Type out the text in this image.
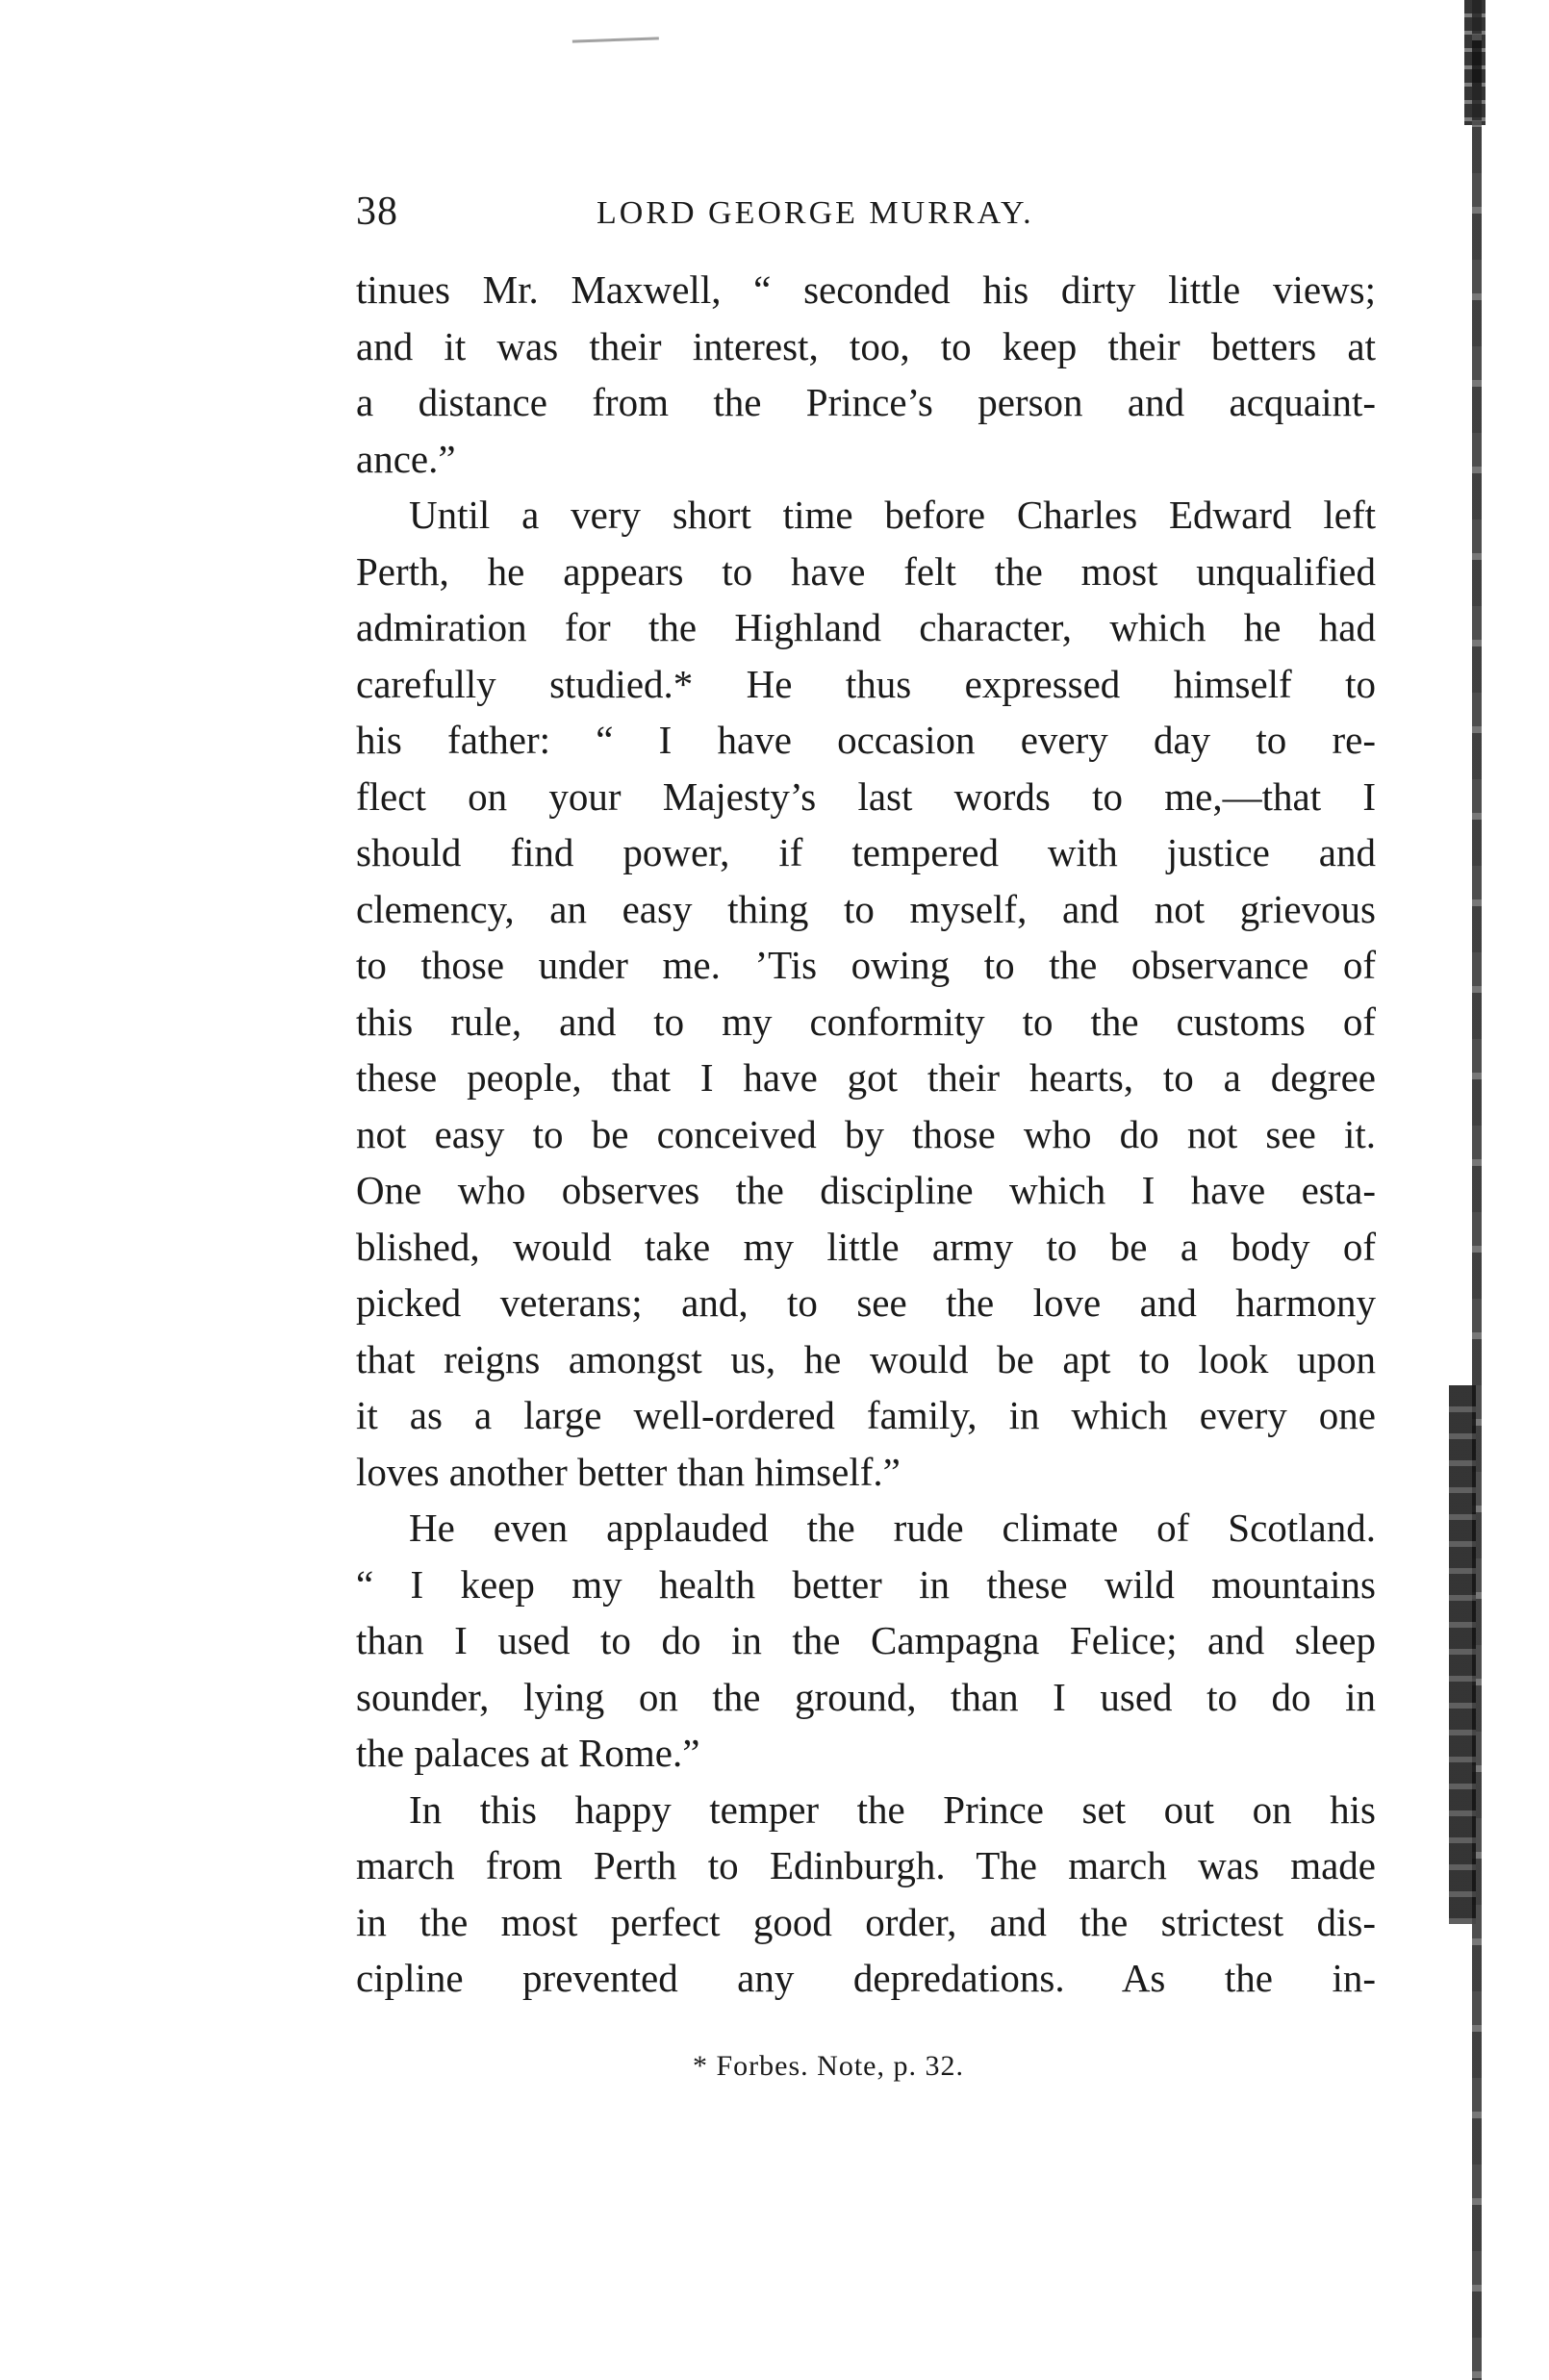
38	LORD GEORGE MURRAY.
tinues Mr. Maxwell, “ seconded his dirty little views;
and it was their interest, too, to keep their betters at
a distance from the Prince’s person and acquaint-
ance.”
Until a very short time before Charles Edward left
Perth, he appears to have felt the most unqualified
admiration for the Highland character, which he had
carefully studied.* He thus expressed himself to
his father: “ I have occasion every day to re-
flect on your Majesty’s last words to me,—that I
should find power, if tempered with justice and
clemency, an easy thing to myself, and not grievous
to those under me. ’Tis owing to the observance of
this rule, and to my conformity to the customs of
these people, that I have got their hearts, to a degree
not easy to be conceived by those who do not see it.
One who observes the discipline which I have esta-
blished, would take my little army to be a body of
picked veterans; and, to see the love and harmony
that reigns amongst us, he would be apt to look upon
it as a large well-ordered family, in which every one
loves another better than himself.”
He even applauded the rude climate of Scotland.
“ I keep my health better in these wild mountains
than I used to do in the Campagna Felice; and sleep
sounder, lying on the ground, than I used to do in
the palaces at Rome.”
In this happy temper the Prince set out on his
march from Perth to Edinburgh. The march was made
in the most perfect good order, and the strictest dis-
cipline prevented any depredations. As the in-
* Forbes. Note, p. 32.
